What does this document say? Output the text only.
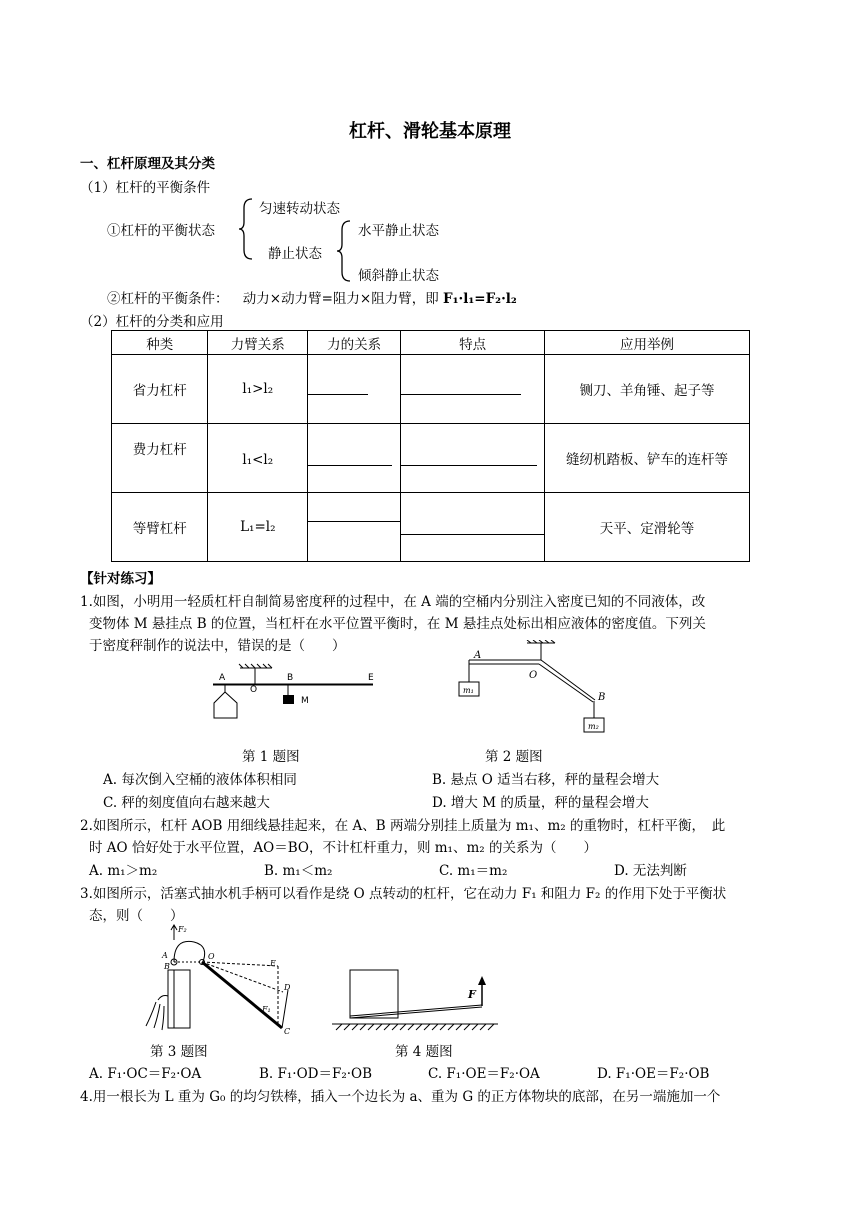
杠杆、滑轮基本原理
一、杠杆原理及其分类
（1）杠杆的平衡条件
①杠杆的平衡状态
匀速转动状态
静止状态
水平静止状态
倾斜静止状态
②杠杆的平衡条件： 动力×动力臂=阻力×阻力臂，即 F₁·l₁=F₂·l₂
（2）杠杆的分类和应用
种类	力臂关系	力的关系	特点	应用举例
省力杠杆	l₁>l₂			铡刀、羊角锤、起子等
费力杠杆	l₁<l₂			缝纫机踏板、铲车的连杆等
等臂杠杆	L₁=l₂			天平、定滑轮等
【针对练习】
1.如图，小明用一轻质杠杆自制简易密度秤的过程中，在 A 端的空桶内分别注入密度已知的不同液体，改
变物体 M 悬挂点 B 的位置，当杠杆在水平位置平衡时，在 M 悬挂点处标出相应液体的密度值。下列关
于密度秤制作的说法中，错误的是（　　）
A
O
B
M
E
A
O
B
m₁
m₂
第 1 题图	第 2 题图
A. 每次倒入空桶的液体体积相同	B. 悬点 O 适当右移，秤的量程会增大
C. 秤的刻度值向右越来越大	D. 增大 M 的质量，秤的量程会增大
2.如图所示，杠杆 AOB 用细线悬挂起来，在 A、B 两端分别挂上质量为 m₁、m₂ 的重物时，杠杆平衡，　此
时 AO 恰好处于水平位置，AO＝BO，不计杠杆重力，则 m₁、m₂ 的关系为（　　）
A. m₁＞m₂	B. m₁＜m₂	C. m₁＝m₂	D. 无法判断
3.如图所示，活塞式抽水机手柄可以看作是绕 O 点转动的杠杆，它在动力 F₁ 和阻力 F₂ 的作用下处于平衡状
态，则（　　）
F₂
A
B
O
E
D
F₁
C
F
第 3 题图	第 4 题图
A. F₁·OC＝F₂·OA	B. F₁·OD＝F₂·OB	C. F₁·OE＝F₂·OA	D. F₁·OE＝F₂·OB
4.用一根长为 L 重为 G₀ 的均匀铁棒，插入一个边长为 a、重为 G 的正方体物块的底部，在另一端施加一个
